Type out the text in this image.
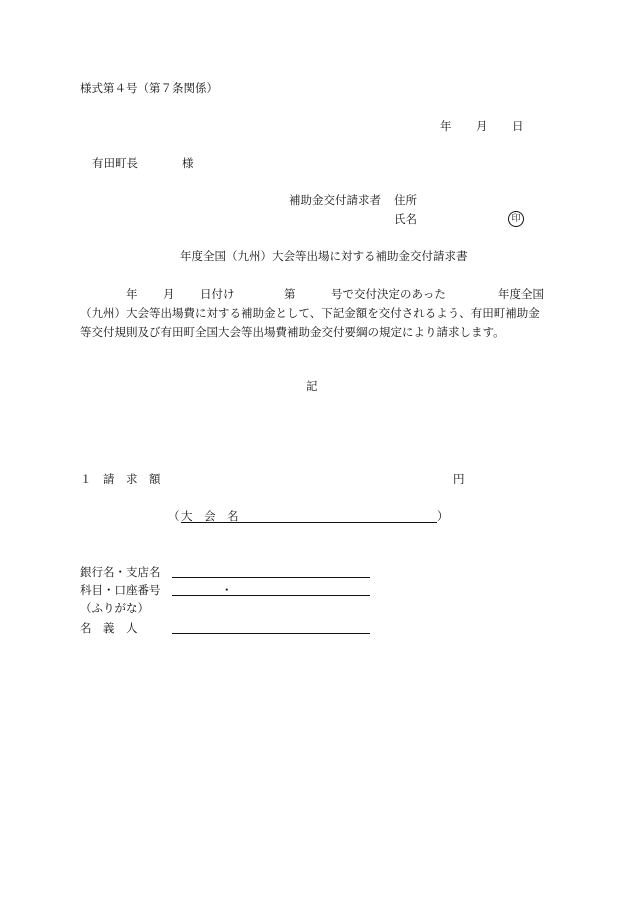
様式第４号（第７条関係）
年 月 日
有田町長	様
補助金交付請求者 住所
氏名	印
年度全国（九州）大会等出場に対する補助金交付請求書
年 月 日付け	第	号で交付決定のあった	年度全国
（九州）大会等出場費に対する補助金として、下記金額を交付されるよう、有田町補助金
等交付規則及び有田町全国大会等出場費補助金交付要綱の規定により請求します。
記
１　請　求　額	円
（ 大　会　名	）
銀行名・支店名
科目・口座番号	・
（ふりがな）
名　義　人
